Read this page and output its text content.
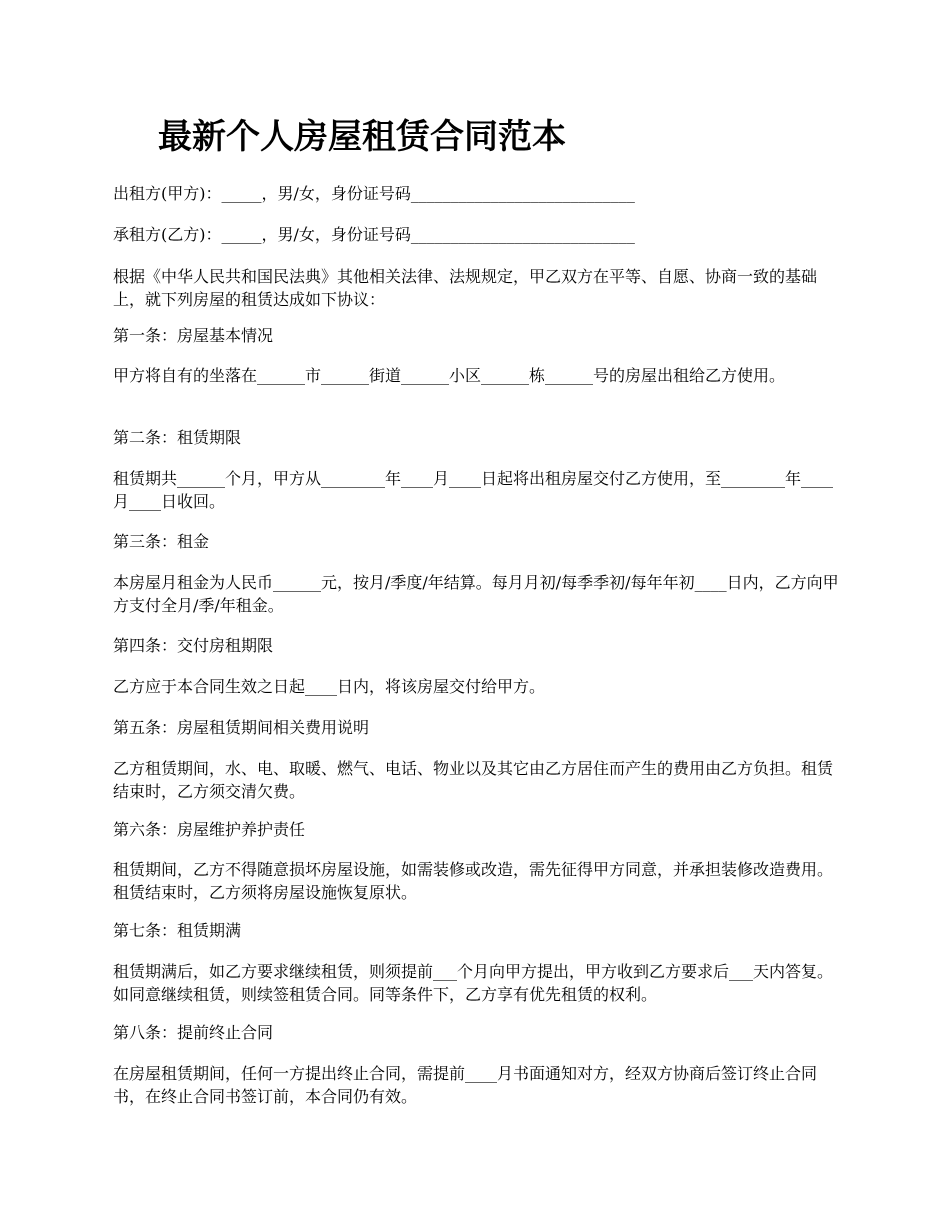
最新个人房屋租赁合同范本

出租方(甲方)：_____，男/女，身份证号码____________________________

承租方(乙方)：_____，男/女，身份证号码____________________________

根据《中华人民共和国民法典》其他相关法律、法规规定，甲乙双方在平等、自愿、协商一致的基础上，就下列房屋的租赁达成如下协议：

第一条：房屋基本情况

甲方将自有的坐落在______市______街道______小区______栋______号的房屋出租给乙方使用。

第二条：租赁期限

租赁期共______个月，甲方从________年____月____日起将出租房屋交付乙方使用，至________年____月____日收回。

第三条：租金

本房屋月租金为人民币______元，按月/季度/年结算。每月月初/每季季初/每年年初____日内，乙方向甲方支付全月/季/年租金。

第四条：交付房租期限

乙方应于本合同生效之日起____日内，将该房屋交付给甲方。

第五条：房屋租赁期间相关费用说明

乙方租赁期间，水、电、取暖、燃气、电话、物业以及其它由乙方居住而产生的费用由乙方负担。租赁结束时，乙方须交清欠费。

第六条：房屋维护养护责任

租赁期间，乙方不得随意损坏房屋设施，如需装修或改造，需先征得甲方同意，并承担装修改造费用。租赁结束时，乙方须将房屋设施恢复原状。

第七条：租赁期满

租赁期满后，如乙方要求继续租赁，则须提前___个月向甲方提出，甲方收到乙方要求后___天内答复。如同意继续租赁，则续签租赁合同。同等条件下，乙方享有优先租赁的权利。

第八条：提前终止合同

在房屋租赁期间，任何一方提出终止合同，需提前____月书面通知对方，经双方协商后签订终止合同书，在终止合同书签订前，本合同仍有效。
